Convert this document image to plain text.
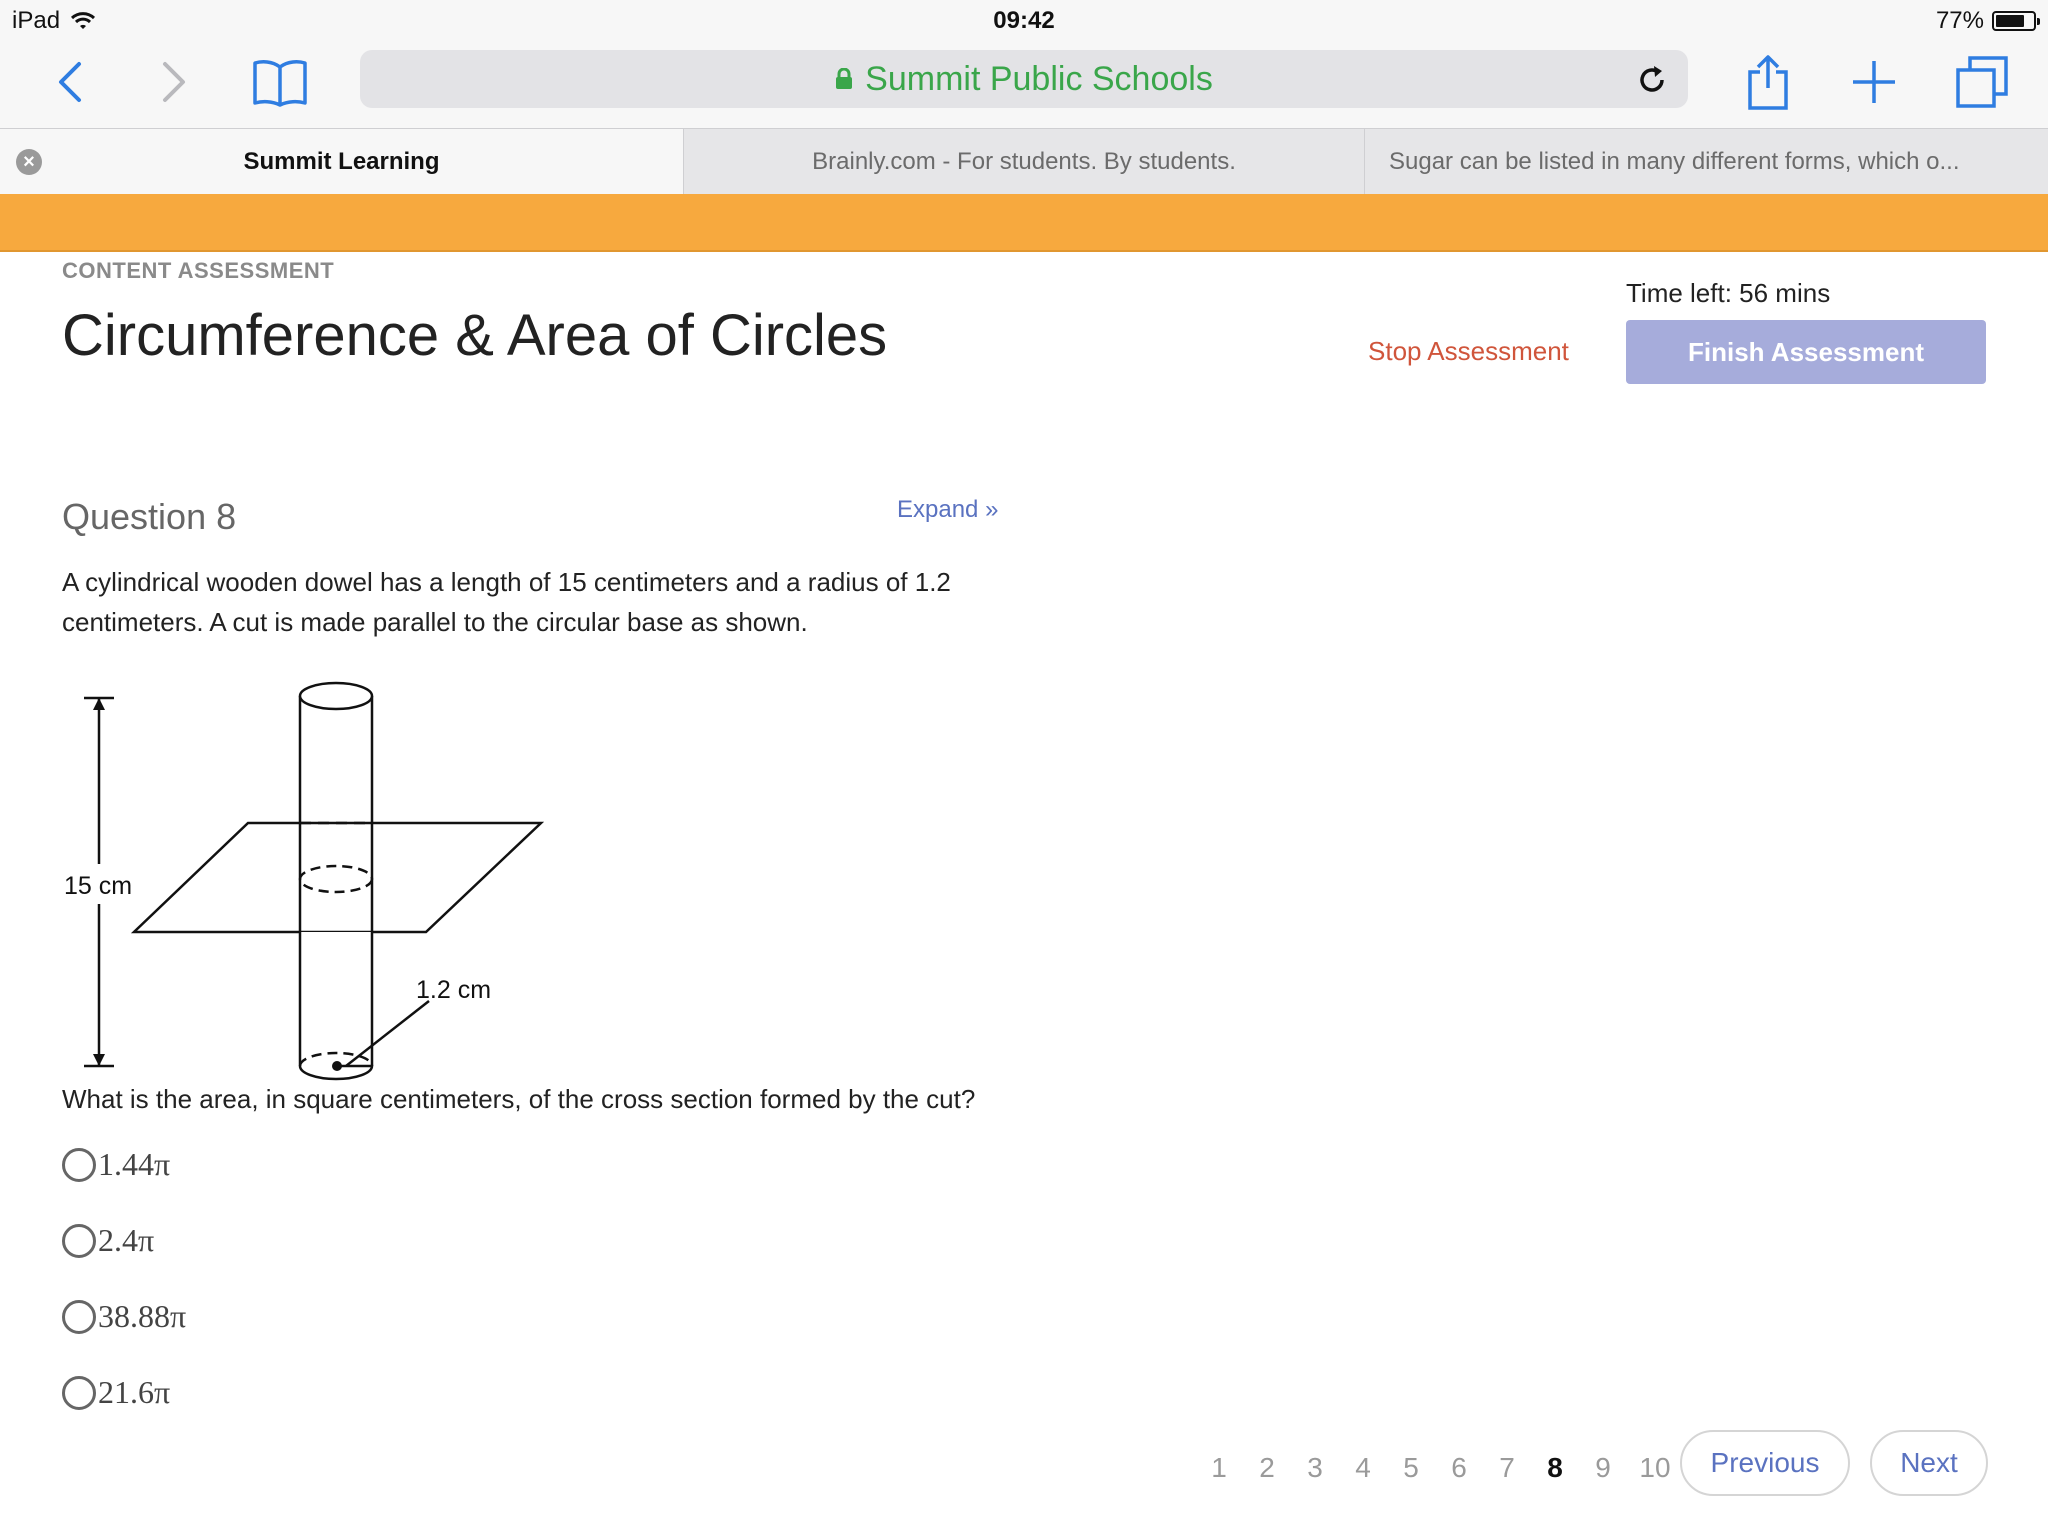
iPad	09:42	77%
Summit Public Schools
×	Summit Learning	Brainly.com - For students. By students.	Sugar can be listed in many different forms, which o...
CONTENT ASSESSMENT
Circumference & Area of Circles
Time left: 56 mins
Stop Assessment	Finish Assessment
Question 8	Expand »
A cylindrical wooden dowel has a length of 15 centimeters and a radius of 1.2 centimeters. A cut is made parallel to the circular base as shown.
15 cm
1.2 cm
What is the area, in square centimeters, of the cross section formed by the cut?
1.44π
2.4π
38.88π
21.6π
1	2	3	4	5	6	7	8	9	10	Previous	Next
